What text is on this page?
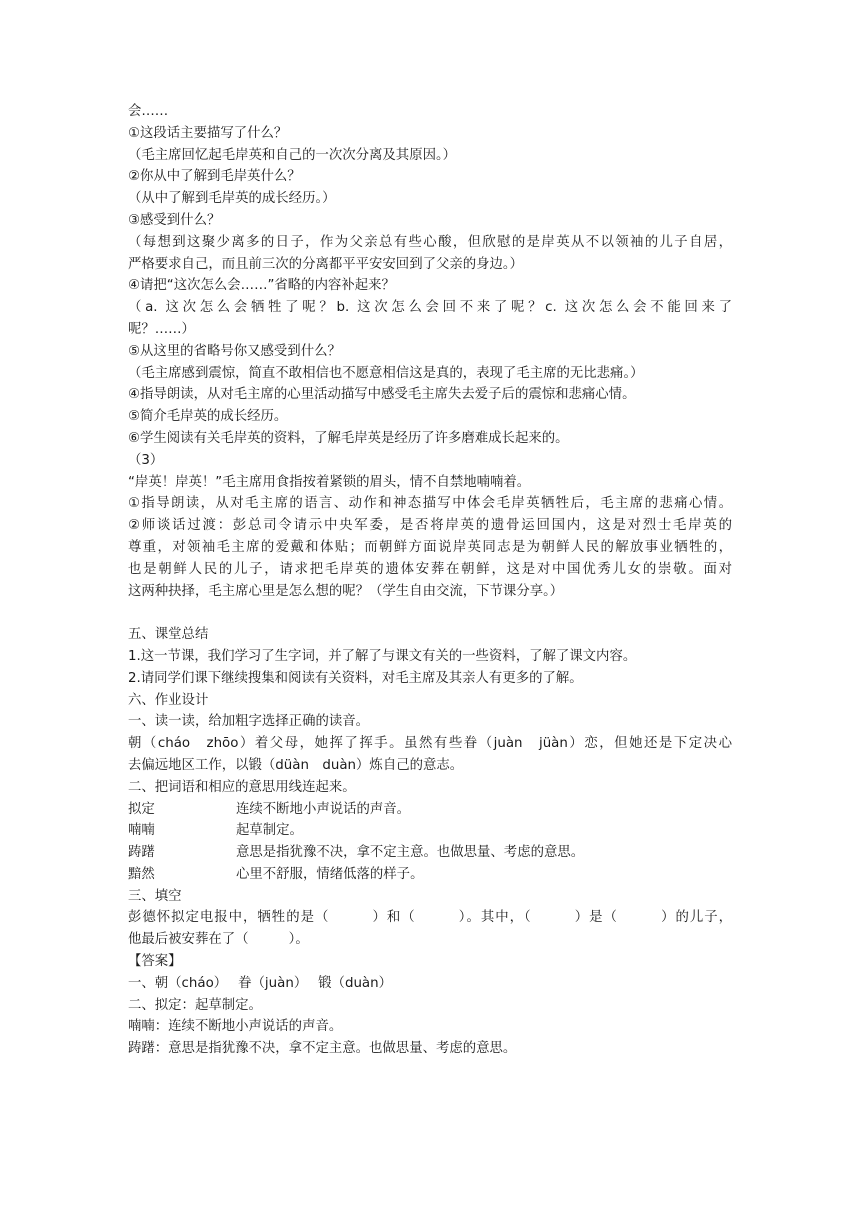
会……
①这段话主要描写了什么？
（毛主席回忆起毛岸英和自己的一次次分离及其原因。）
②你从中了解到毛岸英什么？
（从中了解到毛岸英的成长经历。）
③感受到什么？
（每想到这聚少离多的日子，作为父亲总有些心酸，但欣慰的是岸英从不以领袖的儿子自居，
严格要求自己，而且前三次的分离都平平安安回到了父亲的身边。）
④请把“这次怎么会……”省略的内容补起来？
（a. 这次怎么会牺牲了呢？b. 这次怎么会回不来了呢？c. 这次怎么会不能回来了
呢？……）
⑤从这里的省略号你又感受到什么？
（毛主席感到震惊，简直不敢相信也不愿意相信这是真的，表现了毛主席的无比悲痛。）
④指导朗读，从对毛主席的心里活动描写中感受毛主席失去爱子后的震惊和悲痛心情。
⑤简介毛岸英的成长经历。
⑥学生阅读有关毛岸英的资料，了解毛岸英是经历了许多磨难成长起来的。
（3）
“岸英！岸英！”毛主席用食指按着紧锁的眉头，情不自禁地喃喃着。
①指导朗读，从对毛主席的语言、动作和神态描写中体会毛岸英牺牲后，毛主席的悲痛心情。
②师谈话过渡：彭总司令请示中央军委，是否将岸英的遗骨运回国内，这是对烈士毛岸英的
尊重，对领袖毛主席的爱戴和体贴；而朝鲜方面说岸英同志是为朝鲜人民的解放事业牺牲的，
也是朝鲜人民的儿子，请求把毛岸英的遗体安葬在朝鲜，这是对中国优秀儿女的崇敬。面对
这两种抉择，毛主席心里是怎么想的呢？（学生自由交流，下节课分享。）
五、课堂总结
1.这一节课，我们学习了生字词，并了解了与课文有关的一些资料，了解了课文内容。
2.请同学们课下继续搜集和阅读有关资料，对毛主席及其亲人有更多的了解。
六、作业设计
一、读一读，给加粗字选择正确的读音。
朝（cháo　zhōo）着父母，她挥了挥手。虽然有些眷（juàn　jüàn）恋，但她还是下定决心
去偏远地区工作，以锻（düàn　duàn）炼自己的意志。
二、把词语和相应的意思用线连起来。
拟定	连续不断地小声说话的声音。
喃喃	起草制定。
踌躇	意思是指犹豫不决，拿不定主意。也做思量、考虑的意思。
黯然	心里不舒服，情绪低落的样子。
三、填空
彭德怀拟定电报中，牺牲的是（　　　）和（　　　）。其中，（　　　）是（　　　）的儿子，
他最后被安葬在了（　　　）。
【答案】
一、朝（cháo）　 眷（juàn）　 锻（duàn）
二、拟定：起草制定。
喃喃：连续不断地小声说话的声音。
踌躇：意思是指犹豫不决，拿不定主意。也做思量、考虑的意思。
